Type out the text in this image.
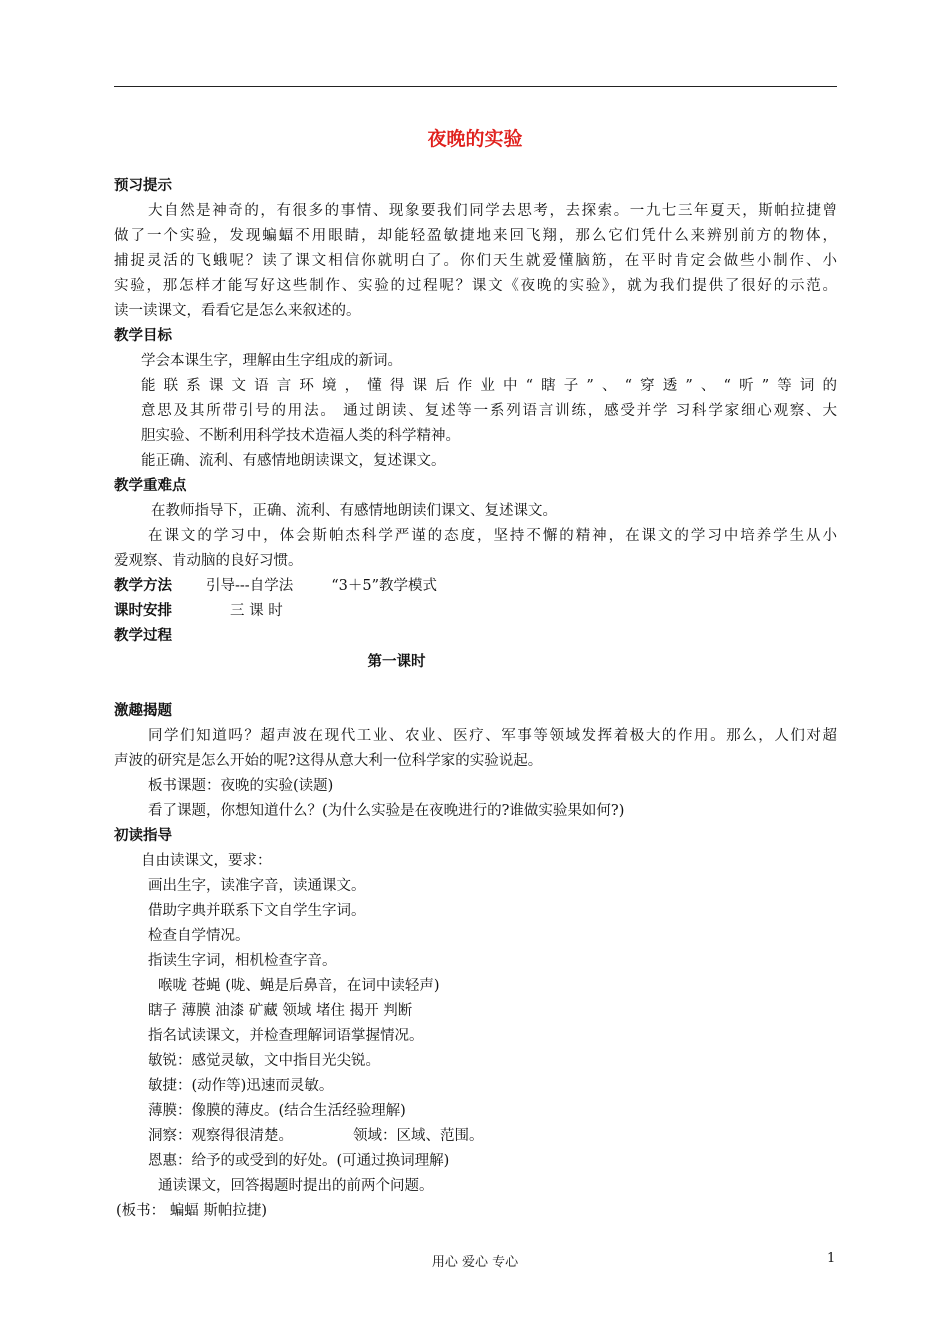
夜晚的实验
预习提示
大自然是神奇的，有很多的事情、现象要我们同学去思考，去探索。一九七三年夏天，斯帕拉捷曾
做了一个实验，发现蝙蝠不用眼睛，却能轻盈敏捷地来回飞翔，那么它们凭什么来辨别前方的物体，
捕捉灵活的飞蛾呢？读了课文相信你就明白了。你们天生就爱懂脑筋，在平时肯定会做些小制作、小
实验，那怎样才能写好这些制作、实验的过程呢？课文《夜晚的实验》，就为我们提供了很好的示范。
读一读课文，看看它是怎么来叙述的。
教学目标
学会本课生字，理解由生字组成的新词。
能联系课文语言环境，懂得课后作业中“瞎子”、“穿透”、“听”等词的
意思及其所带引号的用法。 通过朗读、复述等一系列语言训练，感受并学 习科学家细心观察、大
胆实验、不断利用科学技术造福人类的科学精神。
能正确、流利、有感情地朗读课文，复述课文。
教学重难点
在教师指导下，正确、流利、有感情地朗读们课文、复述课文。
在课文的学习中，体会斯帕杰科学严谨的态度，坚持不懈的精神，在课文的学习中培养学生从小
爱观察、肯动脑的良好习惯。
教学方法 引导---自学法	“3＋5”教学模式
课时安排	三 课 时
教学过程
第一课时
激趣揭题
同学们知道吗？超声波在现代工业、农业、医疗、军事等领域发挥着极大的作用。那么，人们对超
声波的研究是怎么开始的呢?这得从意大利一位科学家的实验说起。
板书课题：夜晚的实验(读题)
看了课题，你想知道什么？(为什么实验是在夜晚进行的?谁做实验果如何?)
初读指导
自由读课文，要求：
画出生字，读准字音，读通课文。
借助字典并联系下文自学生字词。
检查自学情况。
指读生字词，相机检查字音。
喉咙 苍蝇 (咙、蝇是后鼻音，在词中读轻声)
瞎子 薄膜 油漆 矿藏 领域 堵住 揭开 判断
指名试读课文，并检查理解词语掌握情况。
敏锐：感觉灵敏，文中指目光尖锐。
敏捷：(动作等)迅速而灵敏。
薄膜：像膜的薄皮。(结合生活经验理解)
洞察：观察得很清楚。	领域：区域、范围。
恩惠：给予的或受到的好处。(可通过换词理解)
通读课文，回答揭题时提出的前两个问题。
(板书： 蝙蝠 斯帕拉捷)
用心 爱心 专心	1
